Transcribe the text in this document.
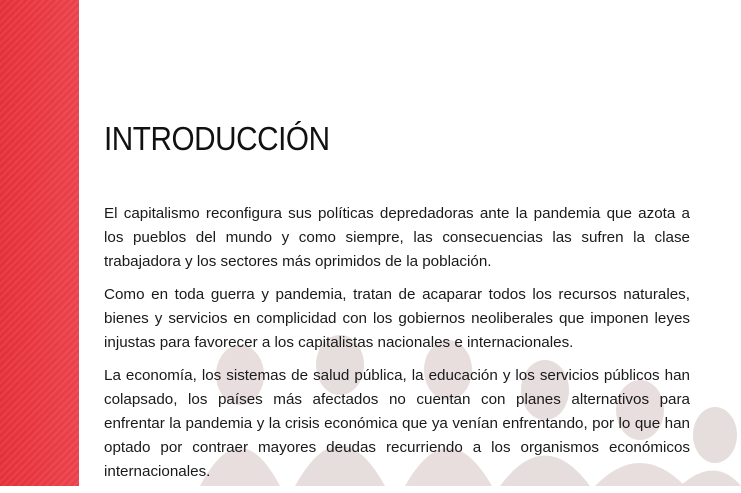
INTRODUCCIÓN

El capitalismo reconfigura sus políticas depredadoras ante la pandemia que azota a los pueblos del mundo y como siempre, las consecuencias las sufren la clase trabajadora y los sectores más oprimidos de la población.

Como en toda guerra y pandemia, tratan de acaparar todos los recursos naturales, bienes y servicios en complicidad con los gobiernos neoliberales que imponen leyes injustas para favorecer a los capitalistas nacionales e internacionales.

La economía, los sistemas de salud pública, la educación y los servicios públicos han colapsado, los países más afectados no cuentan con planes alternativos para enfrentar la pandemia y la crisis económica que ya venían enfrentando, por lo que han optado por contraer mayores deudas recurriendo a los organismos económicos internacionales.
